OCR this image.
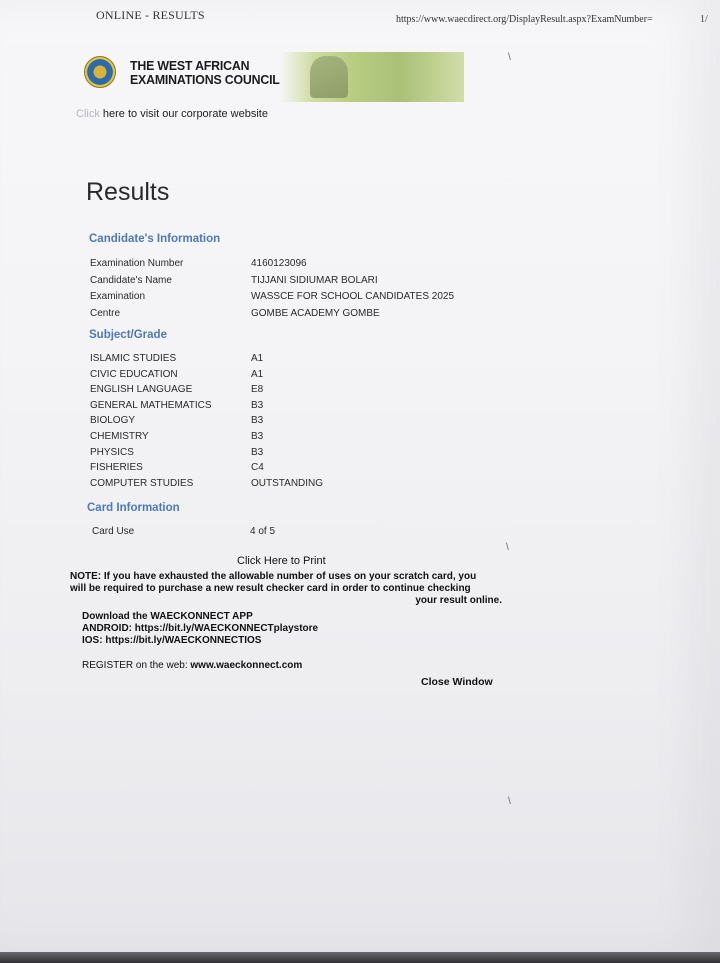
ONLINE - RESULTS	https://www.waecdirect.org/DisplayResult.aspx?ExamNumber=	1/
THE WEST AFRICAN
EXAMINATIONS COUNCIL
Click here to visit our corporate website
Results
Candidate's Information
Examination Number	4160123096
Candidate's Name	TIJJANI SIDIUMAR BOLARI
Examination	WASSCE FOR SCHOOL CANDIDATES 2025
Centre	GOMBE ACADEMY GOMBE
Subject/Grade
ISLAMIC STUDIES	A1
CIVIC EDUCATION	A1
ENGLISH LANGUAGE	E8
GENERAL MATHEMATICS	B3
BIOLOGY	B3
CHEMISTRY	B3
PHYSICS	B3
FISHERIES	C4
COMPUTER STUDIES	OUTSTANDING
Card Information
Card Use	4 of 5
Click Here to Print
NOTE: If you have exhausted the allowable number of uses on your scratch card, you
will be required to purchase a new result checker card in order to continue checking
your result online.
Download the WAECKONNECT APP
ANDROID: https://bit.ly/WAECKONNECTplaystore
IOS: https://bit.ly/WAECKONNECTIOS
REGISTER on the web: www.waeckonnect.com
Close Window
\
\
\
